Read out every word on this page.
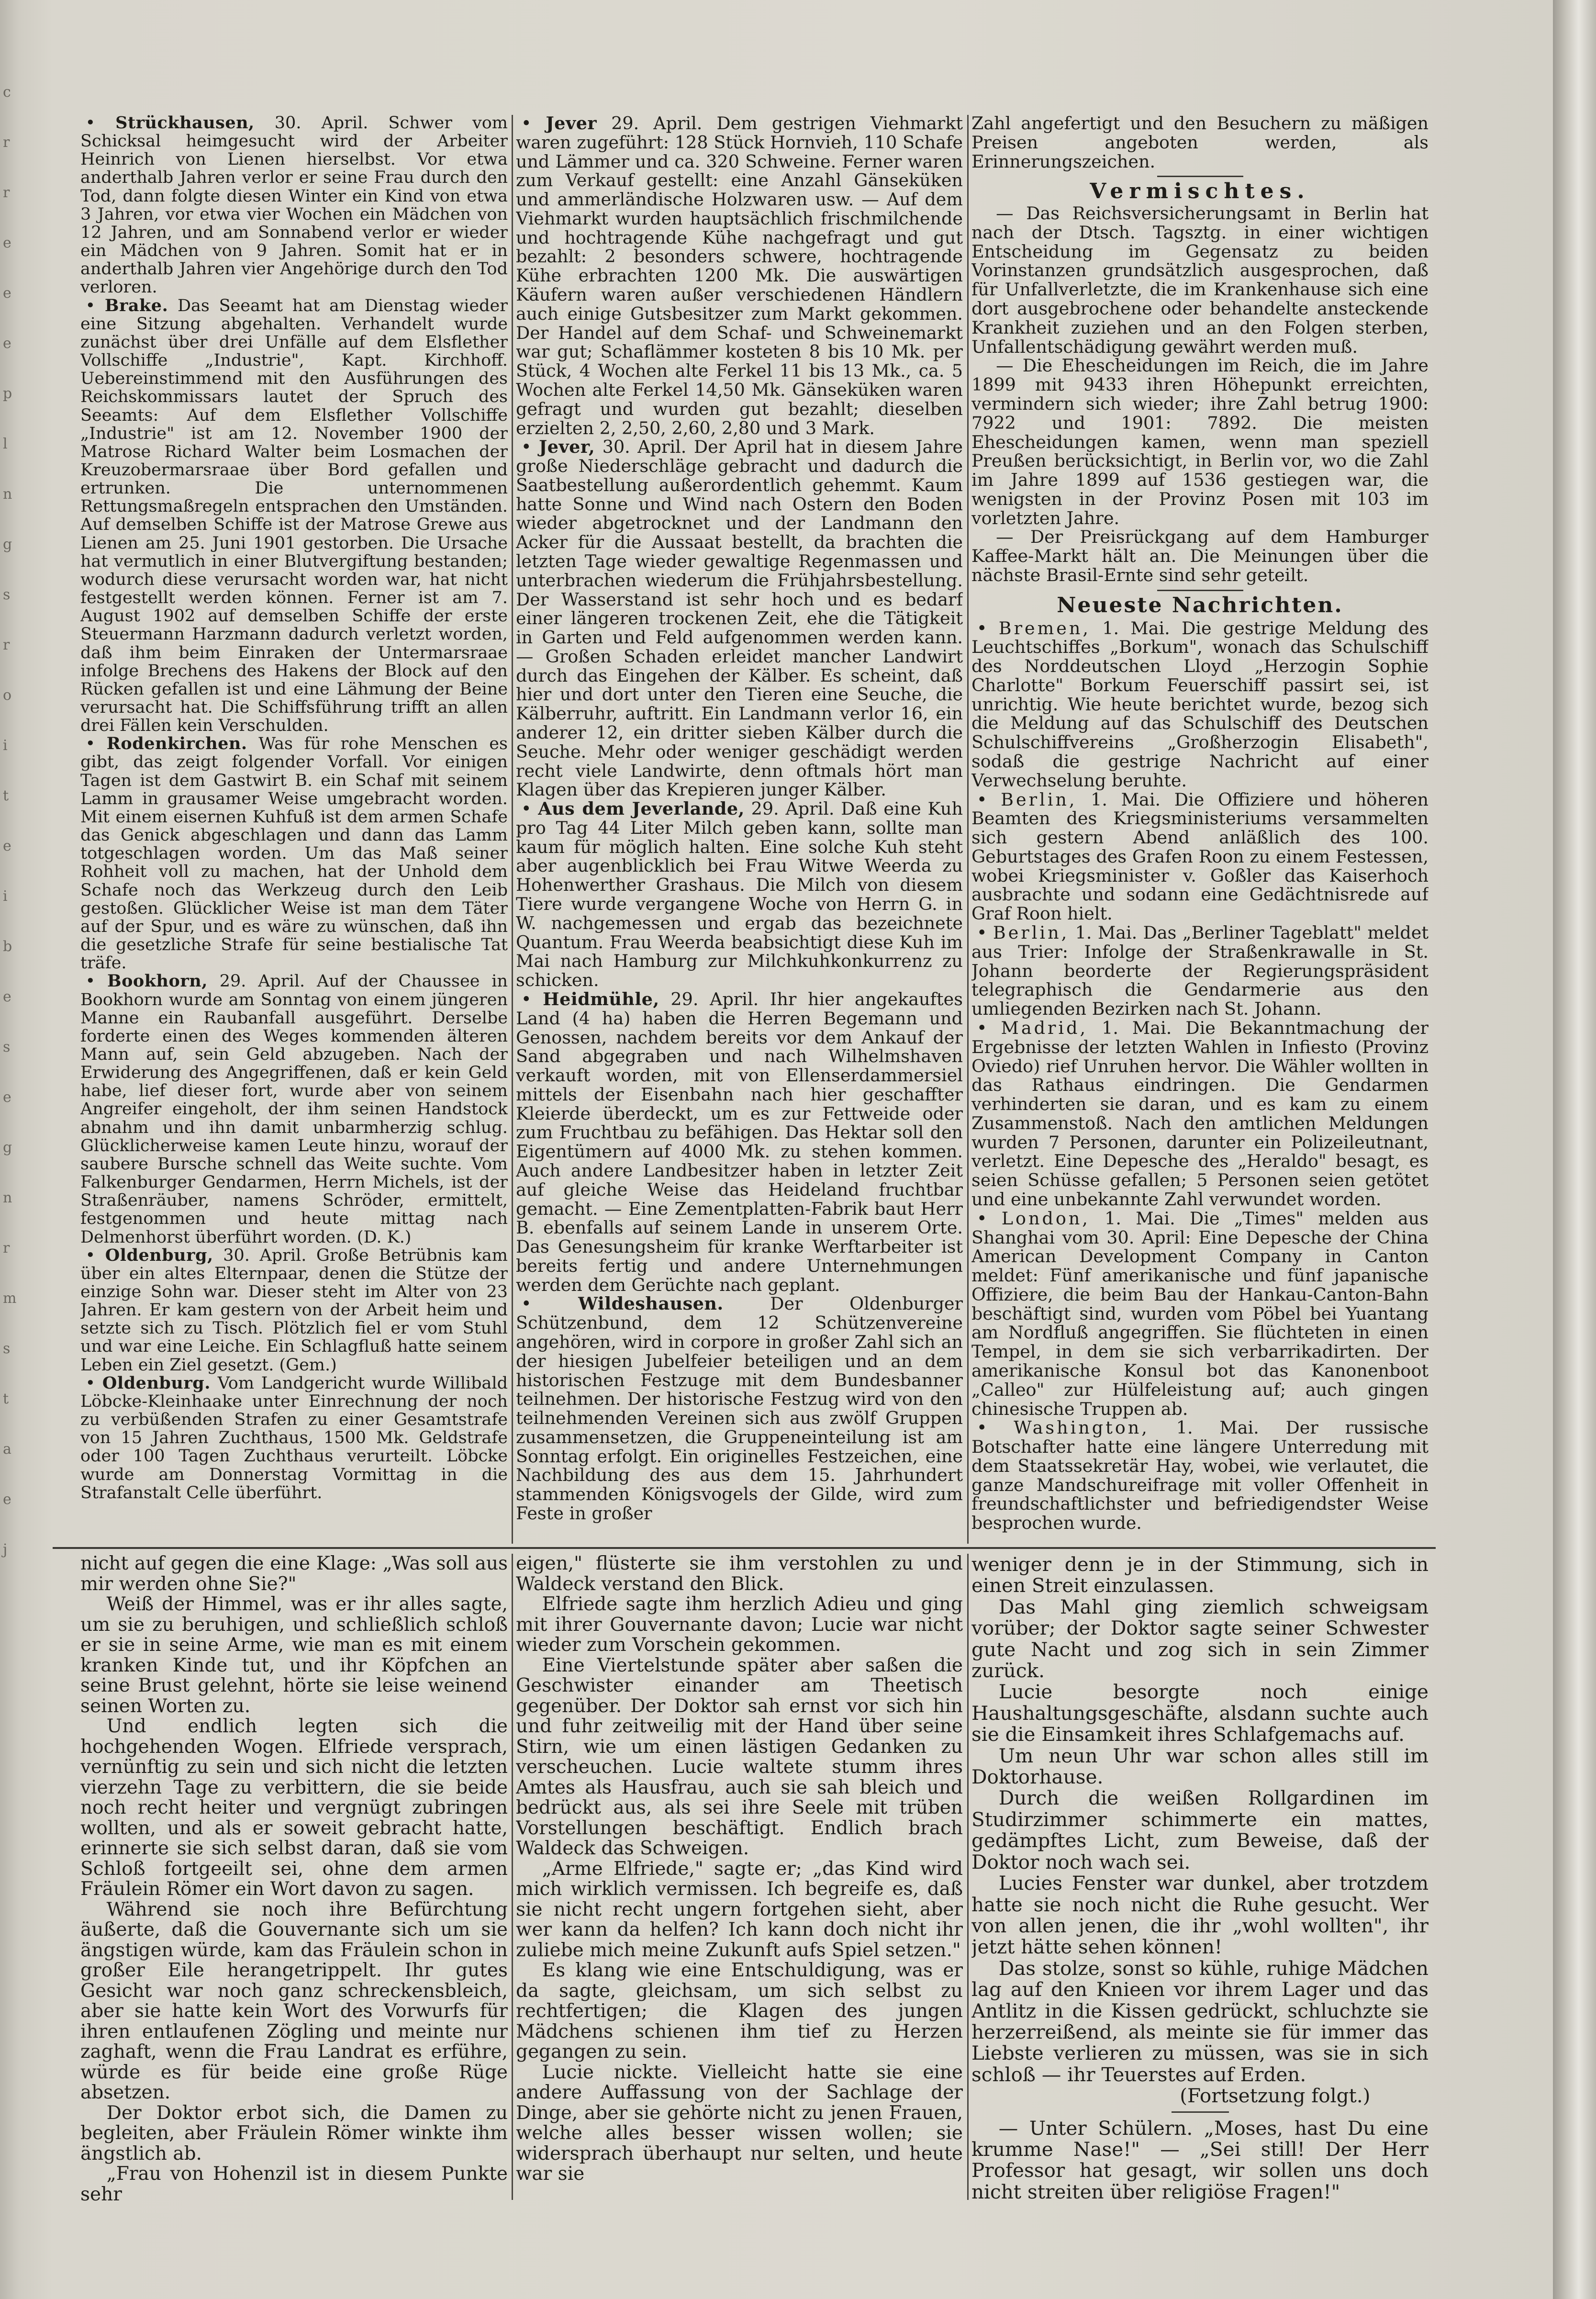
c
r
r
e
e
e
p
l
n
g
s
r
o
i
t
e
i
b
e
s
e
g
n
r
m
s
t
a
e
j

• Strückhausen, 30. April. Schwer vom Schicksal heimgesucht wird der Arbeiter Heinrich von Lienen hierselbst. Vor etwa anderthalb Jahren verlor er seine Frau durch den Tod, dann folgte diesen Winter ein Kind von etwa 3 Jahren, vor etwa vier Wochen ein Mädchen von 12 Jahren, und am Sonnabend verlor er wieder ein Mädchen von 9 Jahren. Somit hat er in anderthalb Jahren vier Angehörige durch den Tod verloren.

• Brake. Das Seeamt hat am Dienstag wieder eine Sitzung abgehalten. Verhandelt wurde zunächst über drei Unfälle auf dem Elsflether Vollschiffe „Industrie", Kapt. Kirchhoff. Uebereinstimmend mit den Ausführungen des Reichskommissars lautet der Spruch des Seeamts: Auf dem Elsflether Vollschiffe „Industrie" ist am 12. November 1900 der Matrose Richard Walter beim Losmachen der Kreuzobermarsraae über Bord gefallen und ertrunken. Die unternommenen Rettungsmaßregeln entsprachen den Umständen. Auf demselben Schiffe ist der Matrose Grewe aus Lienen am 25. Juni 1901 gestorben. Die Ursache hat vermutlich in einer Blutvergiftung bestanden; wodurch diese verursacht worden war, hat nicht festgestellt werden können. Ferner ist am 7. August 1902 auf demselben Schiffe der erste Steuermann Harzmann dadurch verletzt worden, daß ihm beim Einraken der Untermarsraae infolge Brechens des Hakens der Block auf den Rücken gefallen ist und eine Lähmung der Beine verursacht hat. Die Schiffsführung trifft an allen drei Fällen kein Verschulden.

• Rodenkirchen. Was für rohe Menschen es gibt, das zeigt folgender Vorfall. Vor einigen Tagen ist dem Gastwirt B. ein Schaf mit seinem Lamm in grausamer Weise umgebracht worden. Mit einem eisernen Kuhfuß ist dem armen Schafe das Genick abgeschlagen und dann das Lamm totgeschlagen worden. Um das Maß seiner Rohheit voll zu machen, hat der Unhold dem Schafe noch das Werkzeug durch den Leib gestoßen. Glücklicher Weise ist man dem Täter auf der Spur, und es wäre zu wünschen, daß ihn die gesetzliche Strafe für seine bestialische Tat träfe.

• Bookhorn, 29. April. Auf der Chaussee in Bookhorn wurde am Sonntag von einem jüngeren Manne ein Raubanfall ausgeführt. Derselbe forderte einen des Weges kommenden älteren Mann auf, sein Geld abzugeben. Nach der Erwiderung des Angegriffenen, daß er kein Geld habe, lief dieser fort, wurde aber von seinem Angreifer eingeholt, der ihm seinen Handstock abnahm und ihn damit unbarmherzig schlug. Glücklicherweise kamen Leute hinzu, worauf der saubere Bursche schnell das Weite suchte. Vom Falkenburger Gendarmen, Herrn Michels, ist der Straßenräuber, namens Schröder, ermittelt, festgenommen und heute mittag nach Delmenhorst überführt worden. (D. K.)

• Oldenburg, 30. April. Große Betrübnis kam über ein altes Elternpaar, denen die Stütze der einzige Sohn war. Dieser steht im Alter von 23 Jahren. Er kam gestern von der Arbeit heim und setzte sich zu Tisch. Plötzlich fiel er vom Stuhl und war eine Leiche. Ein Schlagfluß hatte seinem Leben ein Ziel gesetzt. (Gem.)

• Oldenburg. Vom Landgericht wurde Willibald Löbcke-Kleinhaake unter Einrechnung der noch zu verbüßenden Strafen zu einer Gesamtstrafe von 15 Jahren Zuchthaus, 1500 Mk. Geldstrafe oder 100 Tagen Zuchthaus verurteilt. Löbcke wurde am Donnerstag Vormittag in die Strafanstalt Celle überführt.

• Jever 29. April. Dem gestrigen Viehmarkt waren zugeführt: 128 Stück Hornvieh, 110 Schafe und Lämmer und ca. 320 Schweine. Ferner waren zum Verkauf gestellt: eine Anzahl Gänseküken und ammerländische Holzwaren usw. — Auf dem Viehmarkt wurden hauptsächlich frischmilchende und hochtragende Kühe nachgefragt und gut bezahlt: 2 besonders schwere, hochtragende Kühe erbrachten 1200 Mk. Die auswärtigen Käufern waren außer verschiedenen Händlern auch einige Gutsbesitzer zum Markt gekommen. Der Handel auf dem Schaf- und Schweinemarkt war gut; Schaflämmer kosteten 8 bis 10 Mk. per Stück, 4 Wochen alte Ferkel 11 bis 13 Mk., ca. 5 Wochen alte Ferkel 14,50 Mk. Gänseküken waren gefragt und wurden gut bezahlt; dieselben erzielten 2, 2,50, 2,60, 2,80 und 3 Mark.

• Jever, 30. April. Der April hat in diesem Jahre große Niederschläge gebracht und dadurch die Saatbestellung außerordentlich gehemmt. Kaum hatte Sonne und Wind nach Ostern den Boden wieder abgetrocknet und der Landmann den Acker für die Aussaat bestellt, da brachten die letzten Tage wieder gewaltige Regenmassen und unterbrachen wiederum die Frühjahrsbestellung. Der Wasserstand ist sehr hoch und es bedarf einer längeren trockenen Zeit, ehe die Tätigkeit in Garten und Feld aufgenommen werden kann. — Großen Schaden erleidet mancher Landwirt durch das Eingehen der Kälber. Es scheint, daß hier und dort unter den Tieren eine Seuche, die Kälberruhr, auftritt. Ein Landmann verlor 16, ein anderer 12, ein dritter sieben Kälber durch die Seuche. Mehr oder weniger geschädigt werden recht viele Landwirte, denn oftmals hört man Klagen über das Krepieren junger Kälber.

• Aus dem Jeverlande, 29. April. Daß eine Kuh pro Tag 44 Liter Milch geben kann, sollte man kaum für möglich halten. Eine solche Kuh steht aber augenblicklich bei Frau Witwe Weerda zu Hohenwerther Grashaus. Die Milch von diesem Tiere wurde vergangene Woche von Herrn G. in W. nachgemessen und ergab das bezeichnete Quantum. Frau Weerda beabsichtigt diese Kuh im Mai nach Hamburg zur Milchkuhkonkurrenz zu schicken.

• Heidmühle, 29. April. Ihr hier angekauftes Land (4 ha) haben die Herren Begemann und Genossen, nachdem bereits vor dem Ankauf der Sand abgegraben und nach Wilhelmshaven verkauft worden, mit von Ellenserdammersiel mittels der Eisenbahn nach hier geschaffter Kleierde überdeckt, um es zur Fettweide oder zum Fruchtbau zu befähigen. Das Hektar soll den Eigentümern auf 4000 Mk. zu stehen kommen. Auch andere Landbesitzer haben in letzter Zeit auf gleiche Weise das Heideland fruchtbar gemacht. — Eine Zementplatten-Fabrik baut Herr B. ebenfalls auf seinem Lande in unserem Orte. Das Genesungsheim für kranke Werftarbeiter ist bereits fertig und andere Unternehmungen werden dem Gerüchte nach geplant.

• Wildeshausen.	Der Oldenburger Schützenbund, dem 12 Schützenvereine angehören, wird in corpore in großer Zahl sich an der hiesigen Jubelfeier beteiligen und an dem historischen Festzuge mit dem Bundesbanner teilnehmen. Der historische Festzug wird von den teilnehmenden Vereinen sich aus zwölf Gruppen zusammensetzen, die Gruppeneinteilung ist am Sonntag erfolgt. Ein originelles Festzeichen, eine Nachbildung des aus dem 15. Jahrhundert stammenden Königsvogels der Gilde, wird zum Feste in großer

Zahl angefertigt und den Besuchern zu mäßigen Preisen angeboten werden, als Erinnerungszeichen.

Vermischtes.

— Das Reichsversicherungsamt in Berlin hat nach der Dtsch. Tagsztg. in einer wichtigen Entscheidung im Gegensatz zu beiden Vorinstanzen grundsätzlich ausgesprochen, daß für Unfallverletzte, die im Krankenhause sich eine dort ausgebrochene oder behandelte ansteckende Krankheit zuziehen und an den Folgen sterben, Unfallentschädigung gewährt werden muß.

— Die Ehescheidungen im Reich, die im Jahre 1899 mit 9433 ihren Höhepunkt erreichten, vermindern sich wieder; ihre Zahl betrug 1900: 7922 und 1901: 7892. Die meisten Ehescheidungen kamen, wenn man speziell Preußen berücksichtigt, in Berlin vor, wo die Zahl im Jahre 1899 auf 1536 gestiegen war, die wenigsten in der Provinz Posen mit 103 im vorletzten Jahre.

— Der Preisrückgang auf dem Hamburger Kaffee-Markt hält an. Die Meinungen über die nächste Brasil-Ernte sind sehr geteilt.

Neueste Nachrichten.

• Bremen, 1. Mai. Die gestrige Meldung des Leuchtschiffes „Borkum", wonach das Schulschiff des Norddeutschen Lloyd „Herzogin Sophie Charlotte" Borkum Feuerschiff passirt sei, ist unrichtig. Wie heute berichtet wurde, bezog sich die Meldung auf das Schulschiff des Deutschen Schulschiffvereins „Großherzogin Elisabeth", sodaß die gestrige Nachricht auf einer Verwechselung beruhte.

• Berlin, 1. Mai. Die Offiziere und höheren Beamten des Kriegsministeriums versammelten sich gestern Abend anläßlich des 100. Geburtstages des Grafen Roon zu einem Festessen, wobei Kriegsminister v. Goßler das Kaiserhoch ausbrachte und sodann eine Gedächtnisrede auf Graf Roon hielt.

• Berlin, 1. Mai. Das „Berliner Tageblatt" meldet aus Trier: Infolge der Straßenkrawalle in St. Johann beorderte der Regierungspräsident telegraphisch die Gendarmerie aus den umliegenden Bezirken nach St. Johann.

• Madrid, 1. Mai. Die Bekanntmachung der Ergebnisse der letzten Wahlen in Infiesto (Provinz Oviedo) rief Unruhen hervor. Die Wähler wollten in das Rathaus eindringen. Die Gendarmen verhinderten sie daran, und es kam zu einem Zusammenstoß. Nach den amtlichen Meldungen wurden 7 Personen, darunter ein Polizeileutnant, verletzt. Eine Depesche des „Heraldo" besagt, es seien Schüsse gefallen; 5 Personen seien getötet und eine unbekannte Zahl verwundet worden.

• London, 1. Mai. Die „Times" melden aus Shanghai vom 30. April: Eine Depesche der China American Development Company in Canton meldet: Fünf amerikanische und fünf japanische Offiziere, die beim Bau der Hankau-Canton-Bahn beschäftigt sind, wurden vom Pöbel bei Yuantang am Nordfluß angegriffen. Sie flüchteten in einen Tempel, in dem sie sich verbarrikadirten. Der amerikanische Konsul bot das Kanonenboot „Calleo" zur Hülfeleistung auf; auch gingen chinesische Truppen ab.

• Washington, 1. Mai. Der russische Botschafter hatte eine längere Unterredung mit dem Staatssekretär Hay, wobei, wie verlautet, die ganze Mandschureifrage mit voller Offenheit in freundschaftlichster und befriedigendster Weise besprochen wurde.

nicht auf gegen die eine Klage: „Was soll aus mir werden ohne Sie?"

Weiß der Himmel, was er ihr alles sagte, um sie zu beruhigen, und schließlich schloß er sie in seine Arme, wie man es mit einem kranken Kinde tut, und ihr Köpfchen an seine Brust gelehnt, hörte sie leise weinend seinen Worten zu.

Und endlich legten sich die hochgehenden Wogen. Elfriede versprach, vernünftig zu sein und sich nicht die letzten vierzehn Tage zu verbittern, die sie beide noch recht heiter und vergnügt zubringen wollten, und als er soweit gebracht hatte, erinnerte sie sich selbst daran, daß sie vom Schloß fortgeeilt sei, ohne dem armen Fräulein Römer ein Wort davon zu sagen.

Während sie noch ihre Befürchtung äußerte, daß die Gouvernante sich um sie ängstigen würde, kam das Fräulein schon in großer Eile herangetrippelt. Ihr gutes Gesicht war noch ganz schreckensbleich, aber sie hatte kein Wort des Vorwurfs für ihren entlaufenen Zögling und meinte nur zaghaft, wenn die Frau Landrat es erführe, würde es für beide eine große Rüge absetzen.

Der Doktor erbot sich, die Damen zu begleiten, aber Fräulein Römer winkte ihm ängstlich ab.

„Frau von Hohenzil ist in diesem Punkte sehr

eigen," flüsterte sie ihm verstohlen zu und Waldeck verstand den Blick.

Elfriede sagte ihm herzlich Adieu und ging mit ihrer Gouvernante davon; Lucie war nicht wieder zum Vorschein gekommen.

Eine Viertelstunde später aber saßen die Geschwister einander am Theetisch gegenüber. Der Doktor sah ernst vor sich hin und fuhr zeitweilig mit der Hand über seine Stirn, wie um einen lästigen Gedanken zu verscheuchen. Lucie waltete stumm ihres Amtes als Hausfrau, auch sie sah bleich und bedrückt aus, als sei ihre Seele mit trüben Vorstellungen beschäftigt. Endlich brach Waldeck das Schweigen.

„Arme Elfriede," sagte er; „das Kind wird mich wirklich vermissen. Ich begreife es, daß sie nicht recht ungern fortgehen sieht, aber wer kann da helfen? Ich kann doch nicht ihr zuliebe mich meine Zukunft aufs Spiel setzen."

Es klang wie eine Entschuldigung, was er da sagte, gleichsam, um sich selbst zu rechtfertigen; die Klagen des jungen Mädchens schienen ihm tief zu Herzen gegangen zu sein.

Lucie nickte. Vielleicht hatte sie eine andere Auffassung von der Sachlage der Dinge, aber sie gehörte nicht zu jenen Frauen, welche alles besser wissen wollen; sie widersprach überhaupt nur selten, und heute war sie

weniger denn je in der Stimmung, sich in einen Streit einzulassen.

Das Mahl ging ziemlich schweigsam vorüber; der Doktor sagte seiner Schwester gute Nacht und zog sich in sein Zimmer zurück.

Lucie besorgte noch einige Haushaltungsgeschäfte, alsdann suchte auch sie die Einsamkeit ihres Schlafgemachs auf.

Um neun Uhr war schon alles still im Doktorhause.

Durch die weißen Rollgardinen im Studirzimmer schimmerte ein mattes, gedämpftes Licht, zum Beweise, daß der Doktor noch wach sei.

Lucies Fenster war dunkel, aber trotzdem hatte sie noch nicht die Ruhe gesucht. Wer von allen jenen, die ihr „wohl wollten", ihr jetzt hätte sehen können!

Das stolze, sonst so kühle, ruhige Mädchen lag auf den Knieen vor ihrem Lager und das Antlitz in die Kissen gedrückt, schluchzte sie herzerreißend, als meinte sie für immer das Liebste verlieren zu müssen, was sie in sich schloß — ihr Teuerstes auf Erden.

(Fortsetzung folgt.)

— Unter Schülern. „Moses, hast Du eine krumme Nase!" — „Sei still! Der Herr Professor hat gesagt, wir sollen uns doch nicht streiten über religiöse Fragen!"
